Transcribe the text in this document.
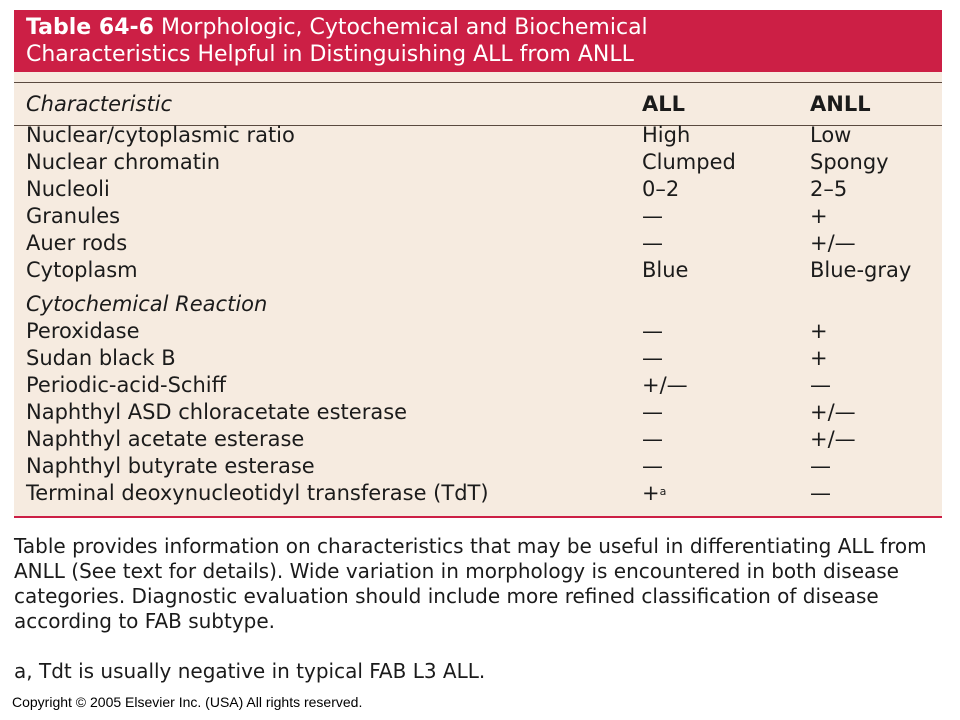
Table 64-6 Morphologic, Cytochemical and Biochemical
Characteristics Helpful in Distinguishing ALL from ANLL
Characteristic	ALL	ANLL
Nuclear/cytoplasmic ratio	High	Low
Nuclear chromatin	Clumped	Spongy
Nucleoli	0–2	2–5
Granules	—	+
Auer rods	—	+/—
Cytoplasm	Blue	Blue-gray
Cytochemical Reaction
Peroxidase	—	+
Sudan black B	—	+
Periodic-acid-Schiff	+/—	—
Naphthyl ASD chloracetate esterase	—	+/—
Naphthyl acetate esterase	—	+/—
Naphthyl butyrate esterase	—	—
Terminal deoxynucleotidyl transferase (TdT)	+$^a$	—
Table provides information on characteristics that may be useful in differentiating ALL from ANLL (See text for details). Wide variation in morphology is encountered in both disease categories. Diagnostic evaluation should include more refined classification of disease according to FAB subtype.
a, Tdt is usually negative in typical FAB L3 ALL.
Copyright © 2005 Elsevier Inc. (USA) All rights reserved.
